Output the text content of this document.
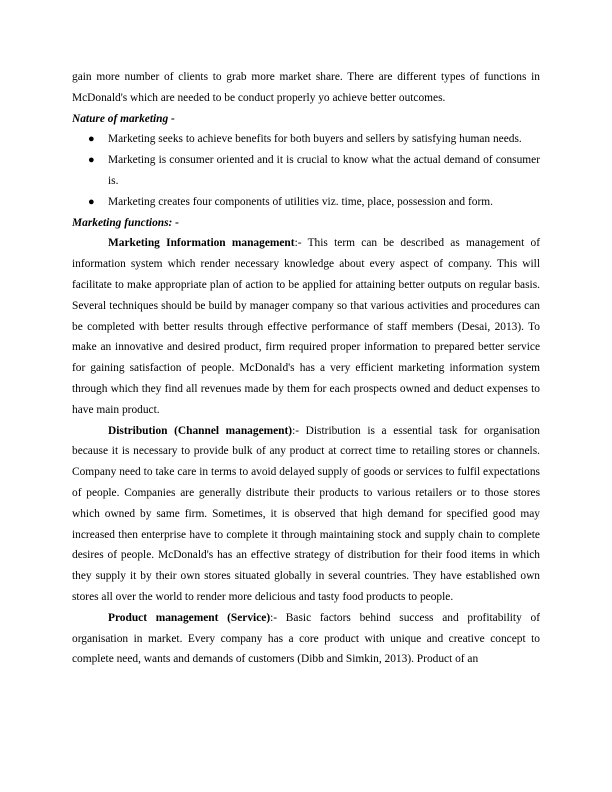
gain more number of clients to grab more market share. There are different types of functions in McDonald's which are needed to be conduct properly yo achieve better outcomes.

Nature of marketing -

● Marketing seeks to achieve benefits for both buyers and sellers by satisfying human needs.
● Marketing is consumer oriented and it is crucial to know what the actual demand of consumer is.
● Marketing creates four components of utilities viz. time, place, possession and form.

Marketing functions: -

Marketing Information management:- This term can be described as management of information system which render necessary knowledge about every aspect of company. This will facilitate to make appropriate plan of action to be applied for attaining better outputs on regular basis. Several techniques should be build by manager company so that various activities and procedures can be completed with better results through effective performance of staff members (Desai, 2013). To make an innovative and desired product, firm required proper information to prepared better service for gaining satisfaction of people. McDonald's has a very efficient marketing information system through which they find all revenues made by them for each prospects owned and deduct expenses to have main product.

Distribution (Channel management):- Distribution is a essential task for organisation because it is necessary to provide bulk of any product at correct time to retailing stores or channels. Company need to take care in terms to avoid delayed supply of goods or services to fulfil expectations of people. Companies are generally distribute their products to various retailers or to those stores which owned by same firm. Sometimes, it is observed that high demand for specified good may increased then enterprise have to complete it through maintaining stock and supply chain to complete desires of people. McDonald's has an effective strategy of distribution for their food items in which they supply it by their own stores situated globally in several countries. They have established own stores all over the world to render more delicious and tasty food products to people.

Product management (Service):- Basic factors behind success and profitability of organisation in market. Every company has a core product with unique and creative concept to complete need, wants and demands of customers (Dibb and Simkin, 2013). Product of an
